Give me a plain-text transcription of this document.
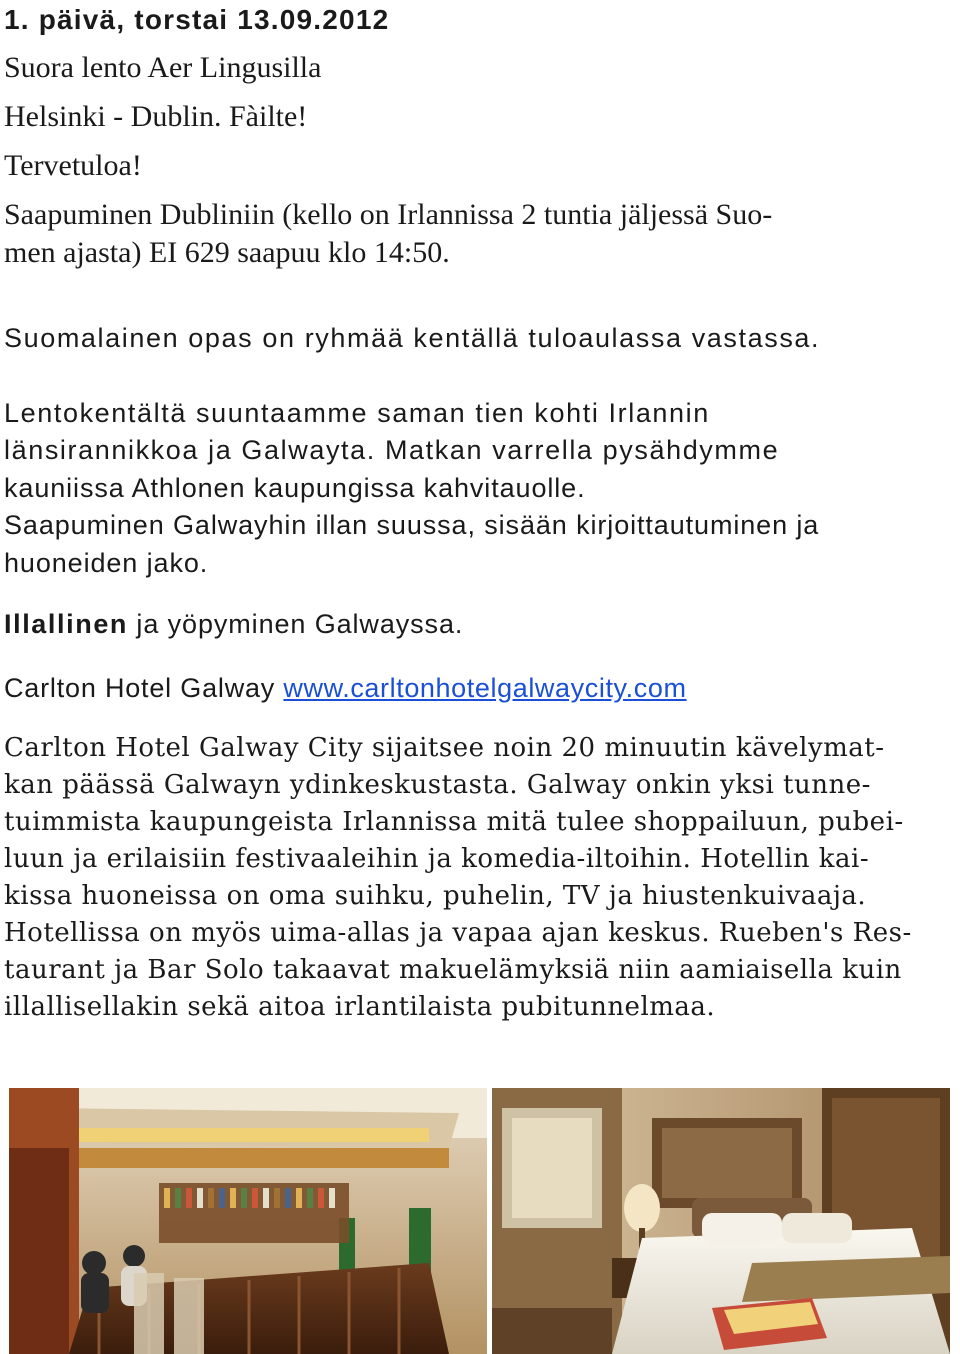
1. päivä, torstai 13.09.2012

Suora lento Aer Lingusilla

Helsinki - Dublin. Fàilte!

Tervetuloa!

Saapuminen Dubliniin (kello on Irlannissa 2 tuntia jäljessä Suo-

men ajasta) EI 629 saapuu klo 14:50.

Suomalainen opas on ryhmää kentällä tuloaulassa vastassa.

Lentokentältä suuntaamme saman tien kohti Irlannin

länsirannikkoa ja Galwayta. Matkan varrella pysähdymme

kauniissa Athlonen kaupungissa kahvitauolle.

Saapuminen Galwayhin illan suussa, sisään kirjoittautuminen ja

huoneiden jako.

Illallinen ja yöpyminen Galwayssa.

Carlton Hotel Galway www.carltonhotelgalwaycity.com

Carlton Hotel Galway City sijaitsee noin 20 minuutin kävelymat-

kan päässä Galwayn ydinkeskustasta. Galway onkin yksi tunne-

tuimmista kaupungeista Irlannissa mitä tulee shoppailuun, pubei-

luun ja erilaisiin festivaaleihin ja komedia-iltoihin. Hotellin kai-

kissa huoneissa on oma suihku, puhelin, TV ja hiustenkuivaaja.

Hotellissa on myös uima-allas ja vapaa ajan keskus. Rueben's Res-

taurant ja Bar Solo takaavat makuelämyksiä niin aamiaisella kuin

illallisellakin sekä aitoa irlantilaista pubitunnelmaa.
